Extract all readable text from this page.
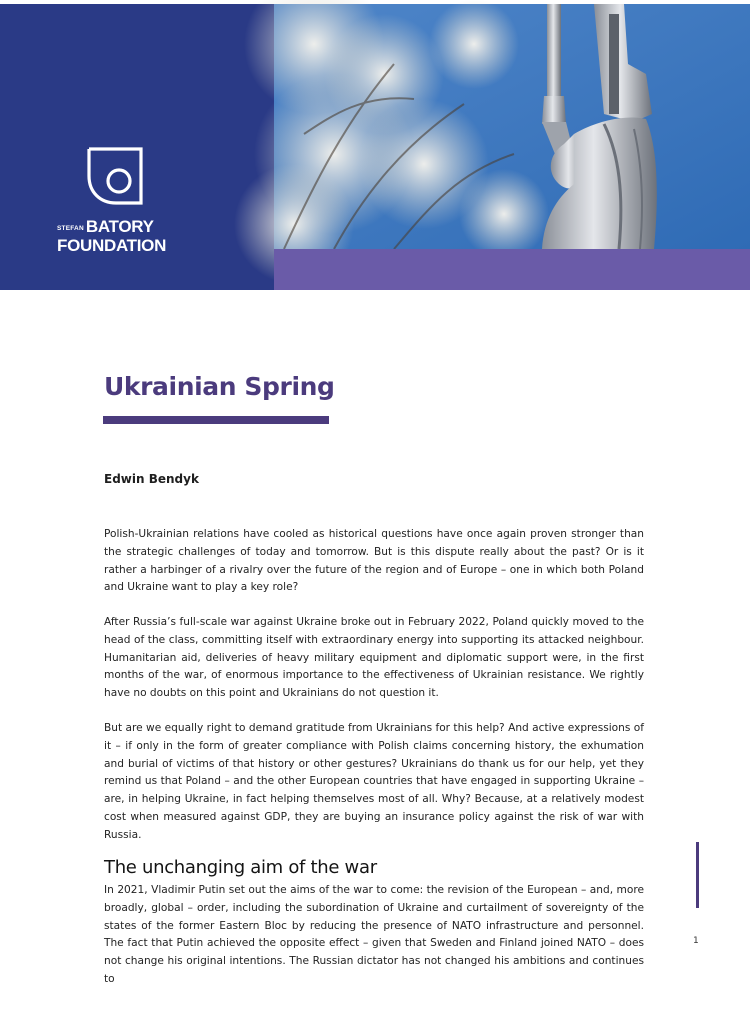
STEFAN BATORY
FOUNDATION
Ukrainian Spring
Edwin Bendyk

Polish-Ukrainian relations have cooled as historical questions have once again proven stronger than the strategic challenges of today and tomorrow. But is this dispute really about the past? Or is it rather a harbinger of a rivalry over the future of the region and of Europe – one in which both Poland and Ukraine want to play a key role?

After Russia’s full-scale war against Ukraine broke out in February 2022, Poland quickly moved to the head of the class, committing itself with extraordinary energy into supporting its attacked neighbour. Humanitarian aid, deliveries of heavy military equipment and diplomatic support were, in the first months of the war, of enormous importance to the effectiveness of Ukrainian resistance. We rightly have no doubts on this point and Ukrainians do not question it.

But are we equally right to demand gratitude from Ukrainians for this help? And active expressions of it – if only in the form of greater compliance with Polish claims concerning history, the exhumation and burial of victims of that history or other gestures? Ukrainians do thank us for our help, yet they remind us that Poland – and the other European countries that have engaged in supporting Ukraine – are, in helping Ukraine, in fact helping themselves most of all. Why? Because, at a relatively modest cost when measured against GDP, they are buying an insurance policy against the risk of war with Russia.

The unchanging aim of the war

In 2021, Vladimir Putin set out the aims of the war to come: the revision of the European – and, more broadly, global – order, including the subordination of Ukraine and curtailment of sovereignty of the states of the former Eastern Bloc by reducing the presence of NATO infrastructure and personnel. The fact that Putin achieved the opposite effect – given that Sweden and Finland joined NATO – does not change his original intentions. The Russian dictator has not changed his ambitions and continues to

1
